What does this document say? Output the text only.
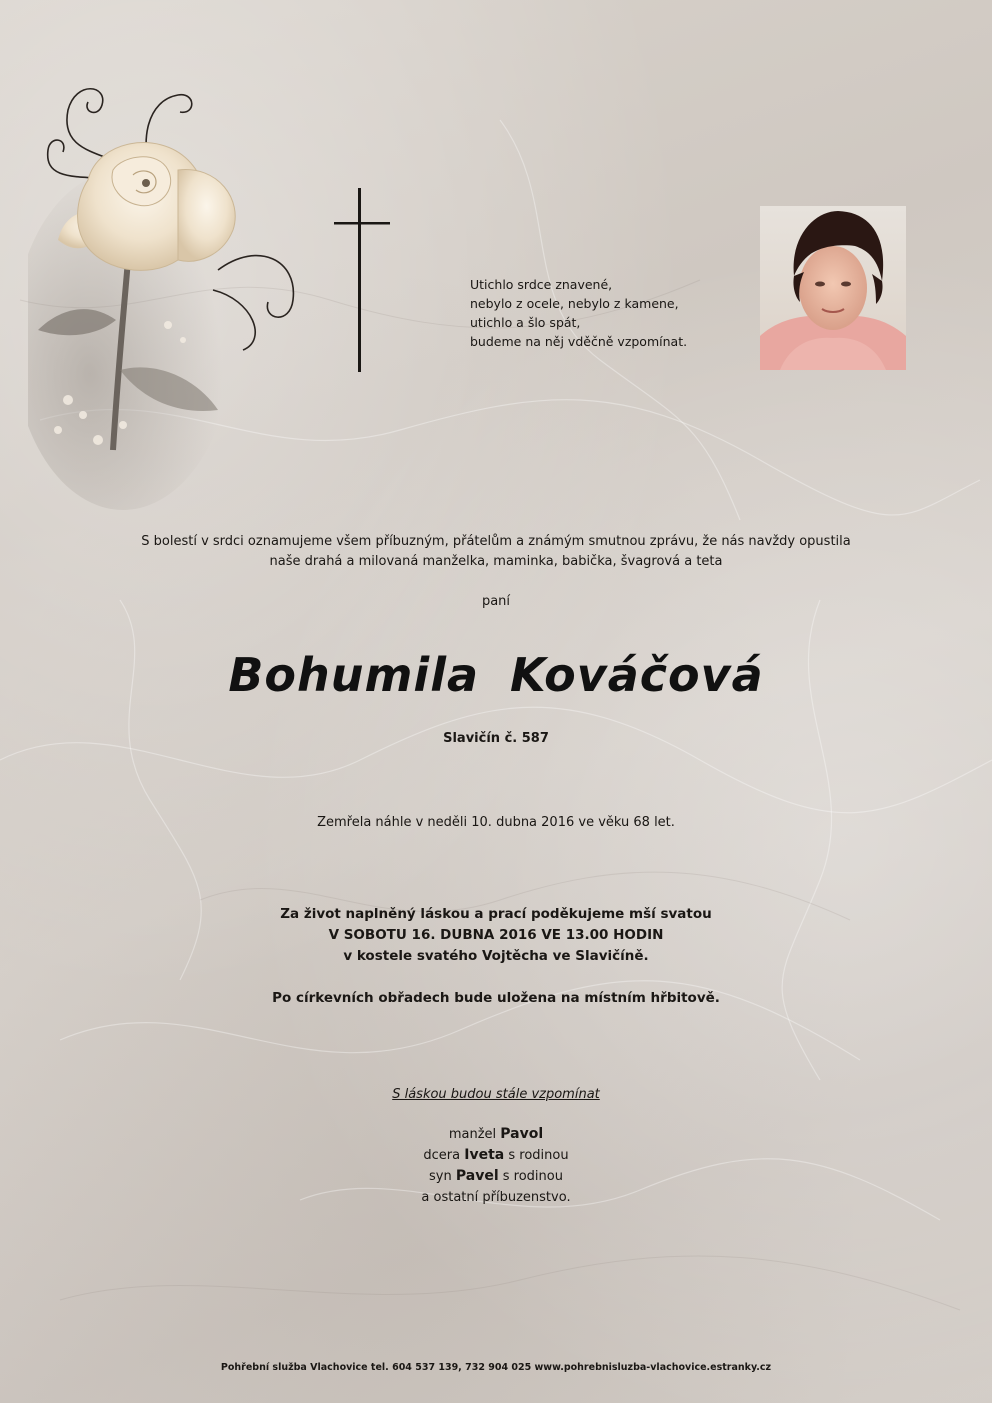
Utichlo srdce znavené,
nebylo z ocele, nebylo z kamene,
utichlo a šlo spát,
budeme na něj vděčně vzpomínat.
S bolestí v srdci oznamujeme všem příbuzným, přátelům a známým smutnou zprávu, že nás navždy opustila
naše drahá a milovaná manželka, maminka, babička, švagrová a teta
paní
Bohumila Kováčová
Slavičín č. 587
Zemřela náhle v neděli 10. dubna 2016 ve věku 68 let.
Za život naplněný láskou a prací poděkujeme mší svatou
V SOBOTU 16. DUBNA 2016 VE 13.00 HODIN
v kostele svatého Vojtěcha ve Slavičíně.
Po církevních obřadech bude uložena na místním hřbitově.
S láskou budou stále vzpomínat
manžel Pavol
dcera Iveta s rodinou
syn Pavel s rodinou
a ostatní příbuzenstvo.
Pohřební služba Vlachovice tel. 604 537 139, 732 904 025 www.pohrebnisluzba-vlachovice.estranky.cz
